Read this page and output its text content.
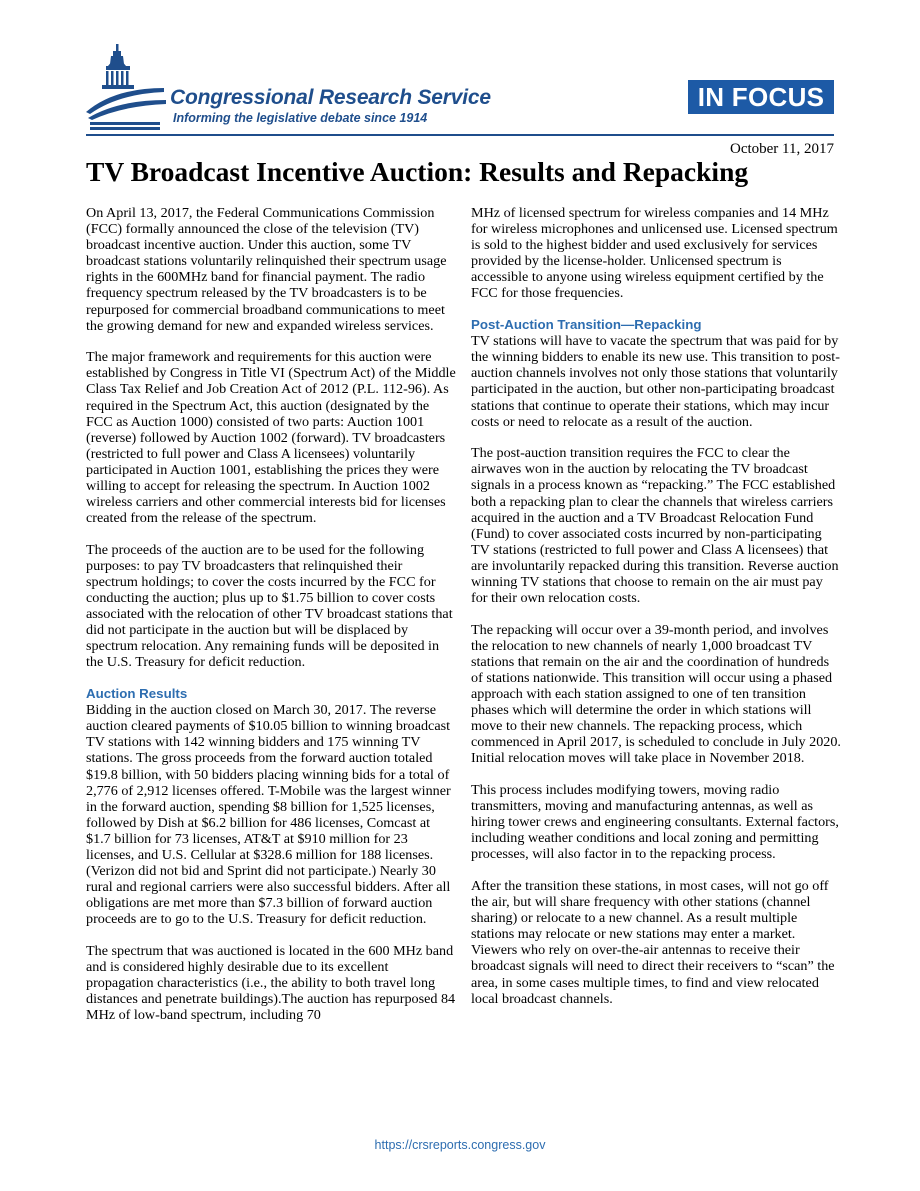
Congressional Research Service
Informing the legislative debate since 1914
IN FOCUS
October 11, 2017
TV Broadcast Incentive Auction: Results and Repacking

On April 13, 2017, the Federal Communications Commission (FCC) formally announced the close of the television (TV) broadcast incentive auction. Under this auction, some TV broadcast stations voluntarily relinquished their spectrum usage rights in the 600MHz band for financial payment. The radio frequency spectrum released by the TV broadcasters is to be repurposed for commercial broadband communications to meet the growing demand for new and expanded wireless services.

The major framework and requirements for this auction were established by Congress in Title VI (Spectrum Act) of the Middle Class Tax Relief and Job Creation Act of 2012 (P.L. 112-96). As required in the Spectrum Act, this auction (designated by the FCC as Auction 1000) consisted of two parts: Auction 1001 (reverse) followed by Auction 1002 (forward). TV broadcasters (restricted to full power and Class A licensees) voluntarily participated in Auction 1001, establishing the prices they were willing to accept for releasing the spectrum. In Auction 1002 wireless carriers and other commercial interests bid for licenses created from the release of the spectrum.

The proceeds of the auction are to be used for the following purposes: to pay TV broadcasters that relinquished their spectrum holdings; to cover the costs incurred by the FCC for conducting the auction; plus up to $1.75 billion to cover costs associated with the relocation of other TV broadcast stations that did not participate in the auction but will be displaced by spectrum relocation. Any remaining funds will be deposited in the U.S. Treasury for deficit reduction.

Auction Results

Bidding in the auction closed on March 30, 2017. The reverse auction cleared payments of $10.05 billion to winning broadcast TV stations with 142 winning bidders and 175 winning TV stations. The gross proceeds from the forward auction totaled $19.8 billion, with 50 bidders placing winning bids for a total of 2,776 of 2,912 licenses offered. T-Mobile was the largest winner in the forward auction, spending $8 billion for 1,525 licenses, followed by Dish at $6.2 billion for 486 licenses, Comcast at $1.7 billion for 73 licenses, AT&T at $910 million for 23 licenses, and U.S. Cellular at $328.6 million for 188 licenses. (Verizon did not bid and Sprint did not participate.) Nearly 30 rural and regional carriers were also successful bidders. After all obligations are met more than $7.3 billion of forward auction proceeds are to go to the U.S. Treasury for deficit reduction.

The spectrum that was auctioned is located in the 600 MHz band and is considered highly desirable due to its excellent propagation characteristics (i.e., the ability to both travel long distances and penetrate buildings).The auction has repurposed 84 MHz of low-band spectrum, including 70

MHz of licensed spectrum for wireless companies and 14 MHz for wireless microphones and unlicensed use. Licensed spectrum is sold to the highest bidder and used exclusively for services provided by the license-holder. Unlicensed spectrum is accessible to anyone using wireless equipment certified by the FCC for those frequencies.

Post-Auction Transition—Repacking

TV stations will have to vacate the spectrum that was paid for by the winning bidders to enable its new use. This transition to post-auction channels involves not only those stations that voluntarily participated in the auction, but other non-participating broadcast stations that continue to operate their stations, which may incur costs or need to relocate as a result of the auction.

The post-auction transition requires the FCC to clear the airwaves won in the auction by relocating the TV broadcast signals in a process known as “repacking.” The FCC established both a repacking plan to clear the channels that wireless carriers acquired in the auction and a TV Broadcast Relocation Fund (Fund) to cover associated costs incurred by non-participating TV stations (restricted to full power and Class A licensees) that are involuntarily repacked during this transition. Reverse auction winning TV stations that choose to remain on the air must pay for their own relocation costs.

The repacking will occur over a 39-month period, and involves the relocation to new channels of nearly 1,000 broadcast TV stations that remain on the air and the coordination of hundreds of stations nationwide. This transition will occur using a phased approach with each station assigned to one of ten transition phases which will determine the order in which stations will move to their new channels. The repacking process, which commenced in April 2017, is scheduled to conclude in July 2020. Initial relocation moves will take place in November 2018.

This process includes modifying towers, moving radio transmitters, moving and manufacturing antennas, as well as hiring tower crews and engineering consultants. External factors, including weather conditions and local zoning and permitting processes, will also factor in to the repacking process.

After the transition these stations, in most cases, will not go off the air, but will share frequency with other stations (channel sharing) or relocate to a new channel. As a result multiple stations may relocate or new stations may enter a market. Viewers who rely on over-the-air antennas to receive their broadcast signals will need to direct their receivers to “scan” the area, in some cases multiple times, to find and view relocated local broadcast channels.

https://crsreports.congress.gov
